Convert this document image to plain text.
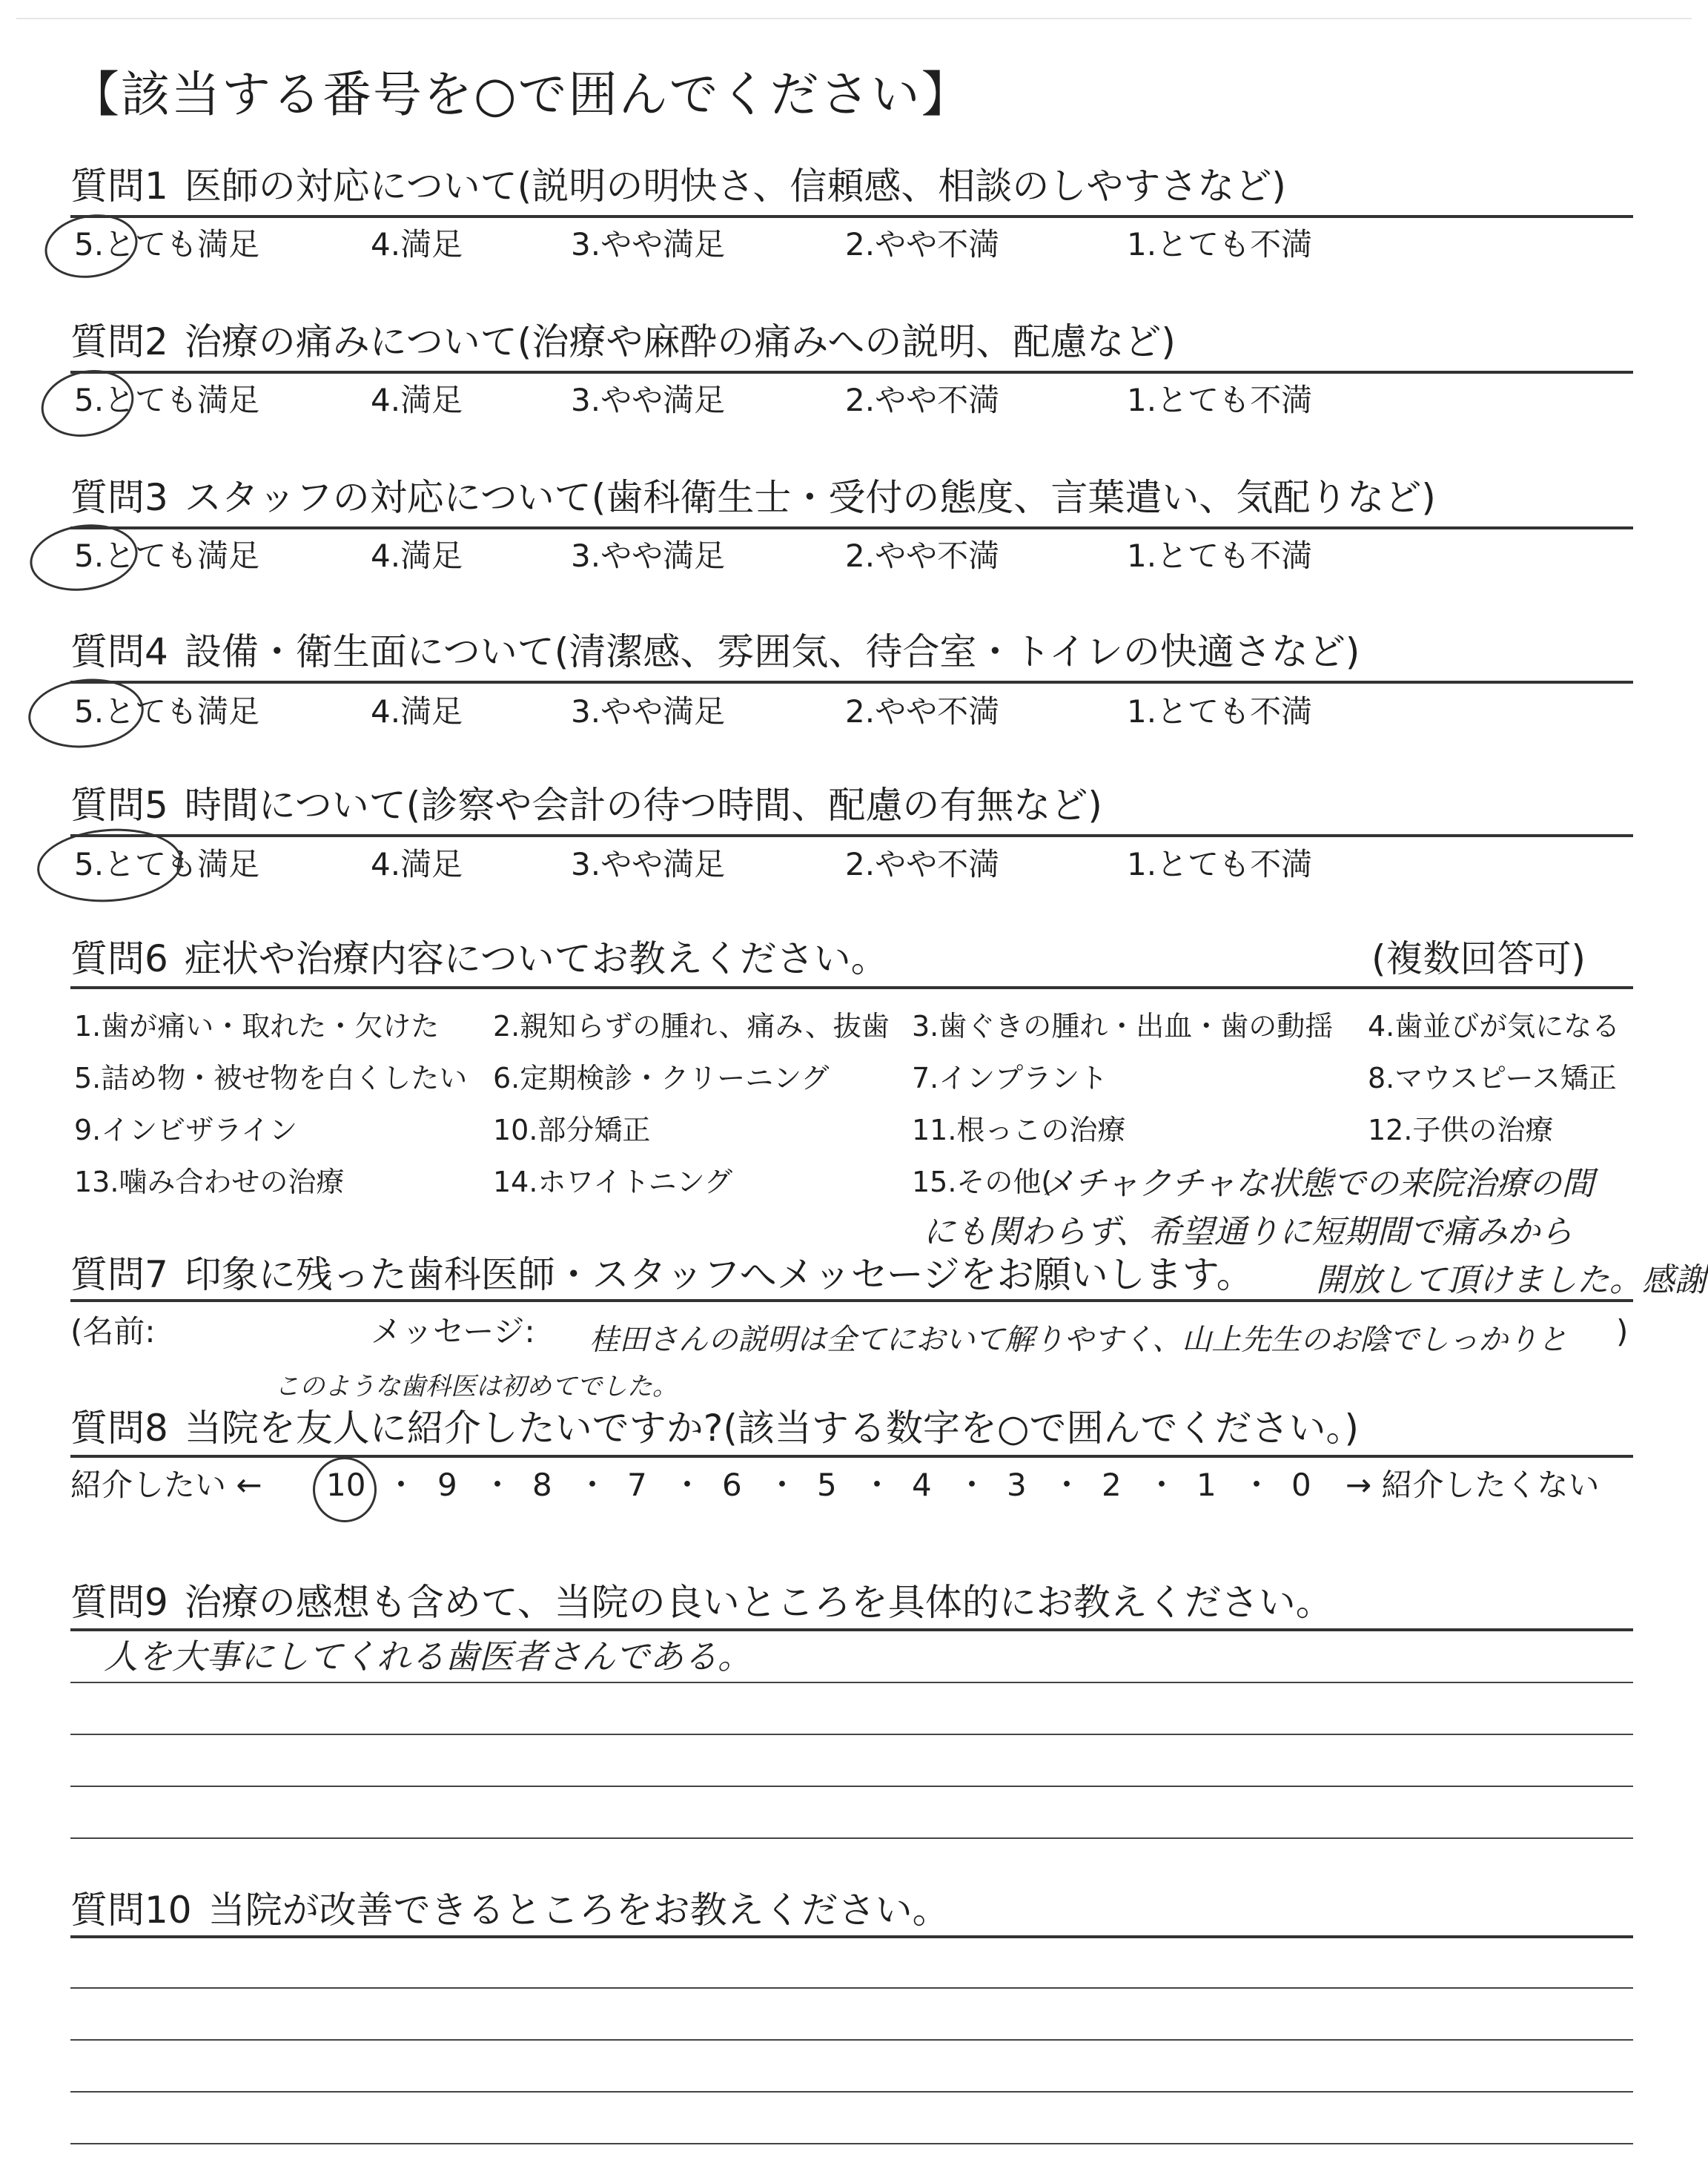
【該当する番号を○で囲んでください】
質問1 医師の対応について(説明の明快さ、信頼感、相談のしやすさなど)
5.とても満足	4.満足	3.やや満足	2.やや不満	1.とても不満
質問2 治療の痛みについて(治療や麻酔の痛みへの説明、配慮など)
5.とても満足	4.満足	3.やや満足	2.やや不満	1.とても不満
質問3 スタッフの対応について(歯科衛生士・受付の態度、言葉遣い、気配りなど)
5.とても満足	4.満足	3.やや満足	2.やや不満	1.とても不満
質問4 設備・衛生面について(清潔感、雰囲気、待合室・トイレの快適さなど)
5.とても満足	4.満足	3.やや満足	2.やや不満	1.とても不満
質問5 時間について(診察や会計の待つ時間、配慮の有無など)
5.とても満足	4.満足	3.やや満足	2.やや不満	1.とても不満
質問6 症状や治療内容についてお教えください。	(複数回答可)
1.歯が痛い・取れた・欠けた 2.親知らずの腫れ、痛み、抜歯 3.歯ぐきの腫れ・出血・歯の動揺 4.歯並びが気になる
5.詰め物・被せ物を白くしたい 6.定期検診・クリーニング	7.インプラント	8.マウスピース矯正
9.インビザライン	10.部分矯正	11.根っこの治療	12.子供の治療
13.噛み合わせの治療	14.ホワイトニング	15.その他(
メチャクチャな状態での来院治療の間
にも関わらず、希望通りに短期間で痛みから
開放して頂けました。感謝
質問7 印象に残った歯科医師・スタッフへメッセージをお願いします。
(名前:	メッセージ:	)
桂田さんの説明は全てにおいて解りやすく、山上先生のお陰でしっかりと
このような歯科医は初めてでした。
質問8 当院を友人に紹介したいですか?(該当する数字を○で囲んでください。)
紹介したい ← 10 ・ 9 ・ 8 ・ 7 ・ 6 ・ 5 ・ 4 ・ 3 ・ 2 ・ 1 ・ 0 → 紹介したくない
質問9 治療の感想も含めて、当院の良いところを具体的にお教えください。
人を大事にしてくれる歯医者さんである。
質問10 当院が改善できるところをお教えください。
